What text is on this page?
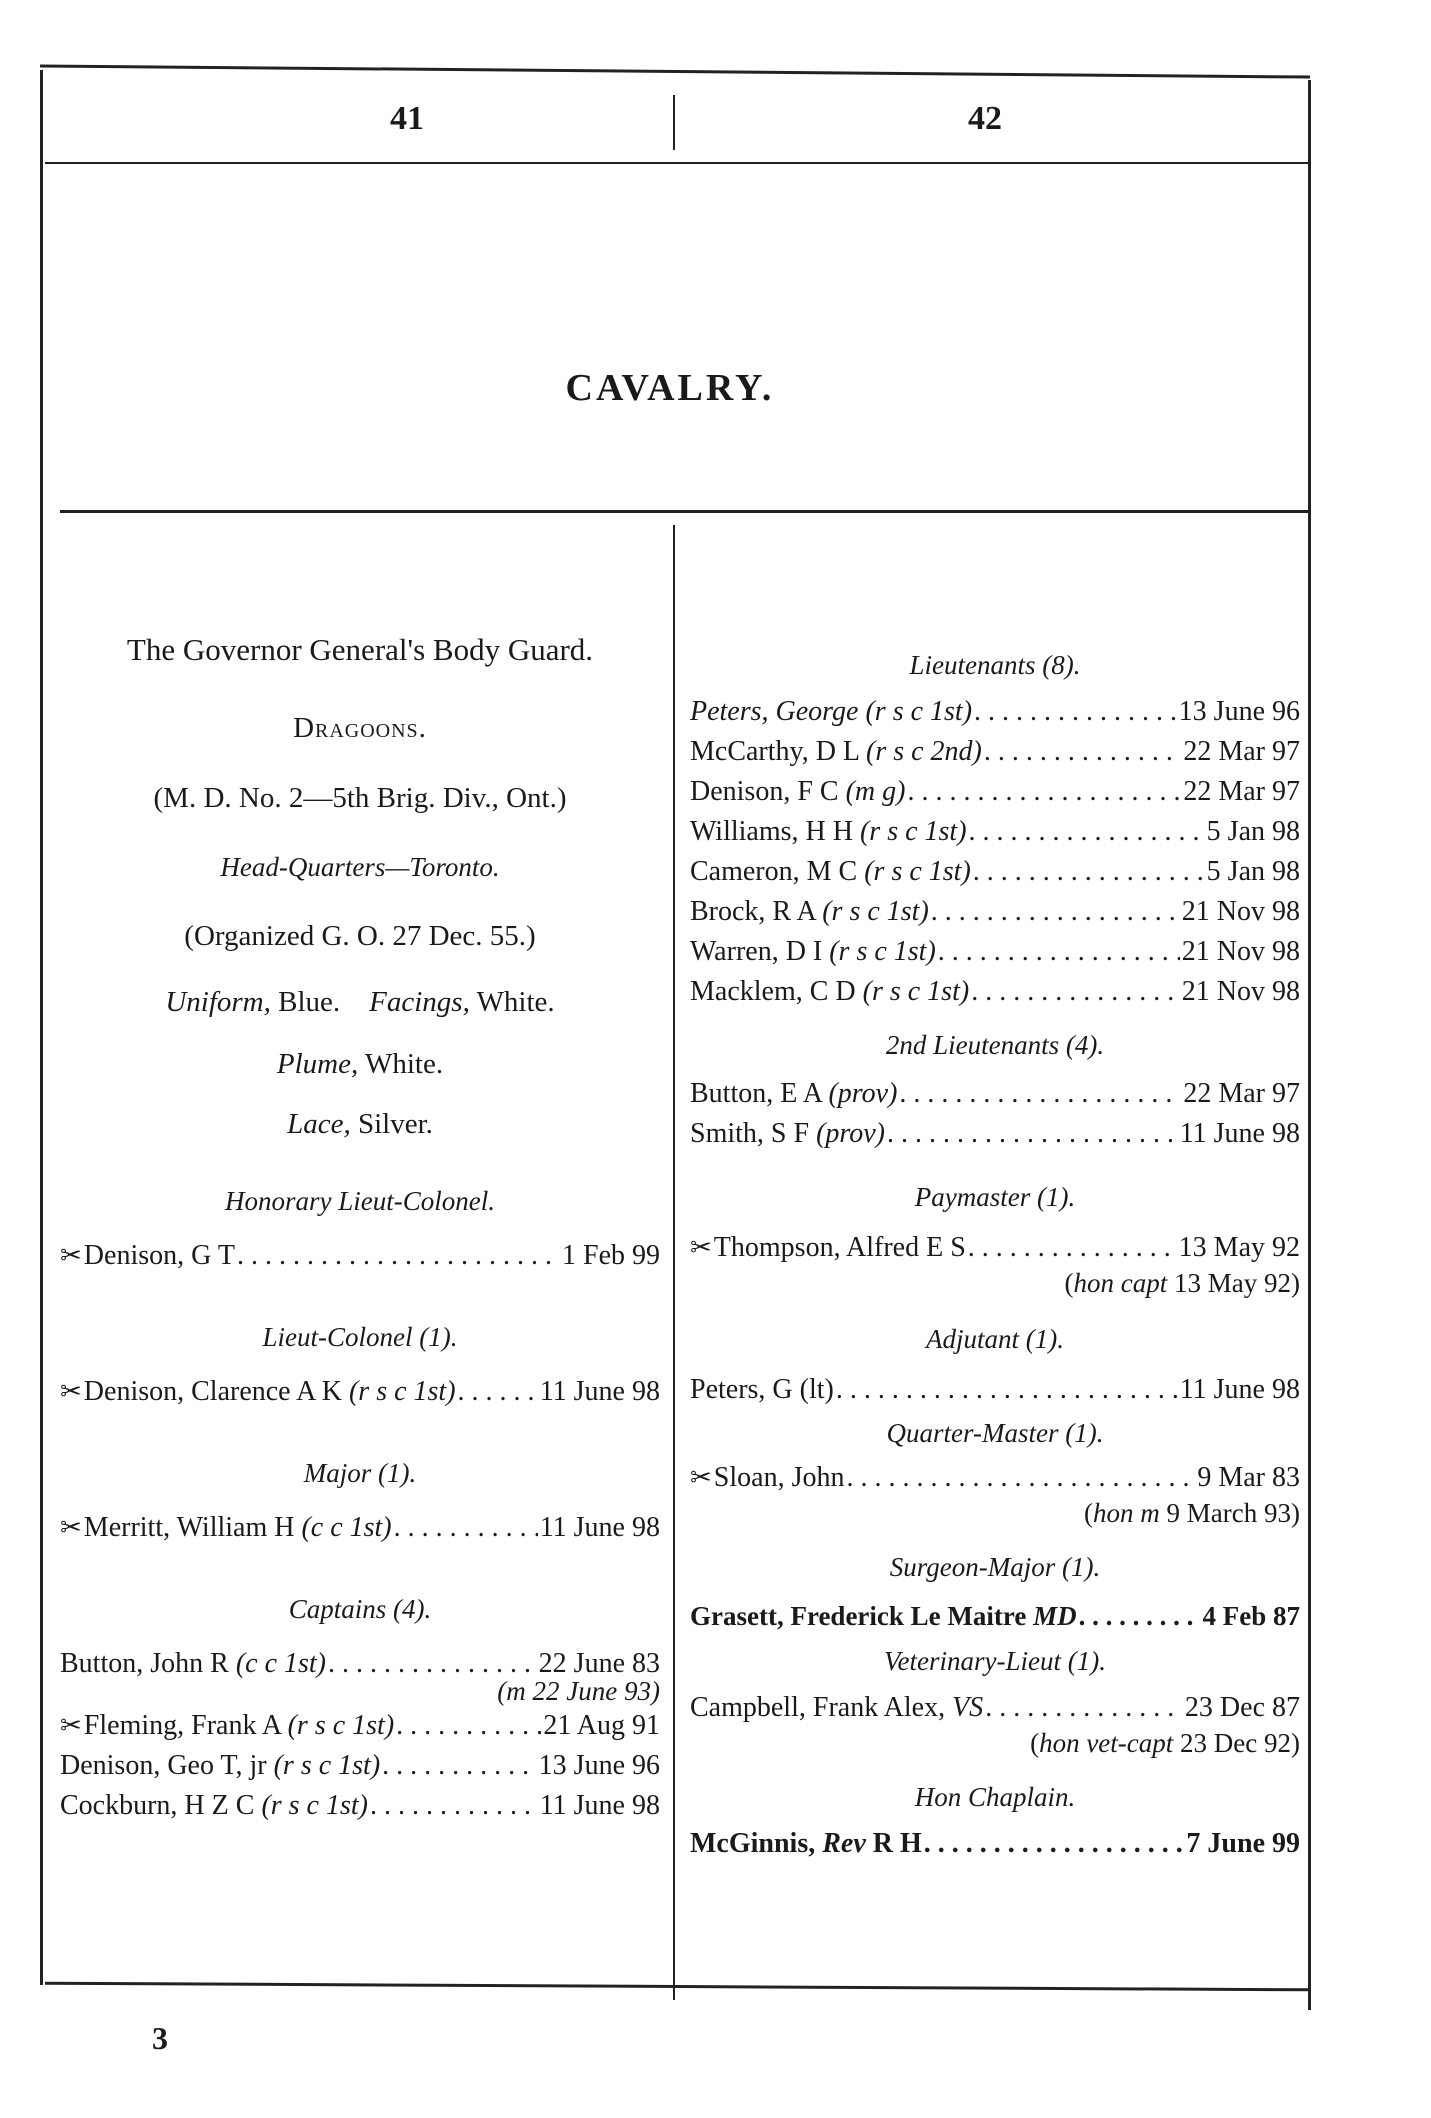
41	42
CAVALRY.
The Governor General's Body Guard.
Dragoons.
(M. D. No. 2—5th Brig. Div., Ont.)
Head-Quarters—Toronto.
(Organized G. O. 27 Dec. 55.)
Uniform, Blue. Facings, White.
Plume, White.
Lace, Silver.
Honorary Lieut-Colonel.
✂Denison, G T . . .	1 Feb 99
Lieut-Colonel (1).
✂Denison, Clarence A K (r s c 1st) . . .	11 June 98
Major (1).
✂Merritt, William H (c c 1st) . . .	11 June 98
Captains (4).
Button, John R (c c 1st) . . .	22 June 83
(m 22 June 93)
✂Fleming, Frank A (r s c 1st) . . .	21 Aug 91
Denison, Geo T, jr (r s c 1st) . . .	13 June 96
Cockburn, H Z C (r s c 1st) . . .	11 June 98
Lieutenants (8).
Peters, George (r s c 1st) . . .	13 June 96
McCarthy, D L (r s c 2nd) . . .	22 Mar 97
Denison, F C (m g) . . .	22 Mar 97
Williams, H H (r s c 1st) . . .	5 Jan 98
Cameron, M C (r s c 1st) . . .	5 Jan 98
Brock, R A (r s c 1st) . . .	21 Nov 98
Warren, D I (r s c 1st) . . .	21 Nov 98
Macklem, C D (r s c 1st) . . .	21 Nov 98
2nd Lieutenants (4).
Button, E A (prov) . . .	22 Mar 97
Smith, S F (prov) . . .	11 June 98
Paymaster (1).
✂Thompson, Alfred E S . . .	13 May 92
(hon capt 13 May 92)
Adjutant (1).
Peters, G (lt) . . .	11 June 98
Quarter-Master (1).
✂Sloan, John . . .	9 Mar 83
(hon m 9 March 93)
Surgeon-Major (1).
Grasett, Frederick Le Maitre MD . . .	4 Feb 87
Veterinary-Lieut (1).
Campbell, Frank Alex, VS . . .	23 Dec 87
(hon vet-capt 23 Dec 92)
Hon Chaplain.
McGinnis, Rev R H . . .	7 June 99
3
